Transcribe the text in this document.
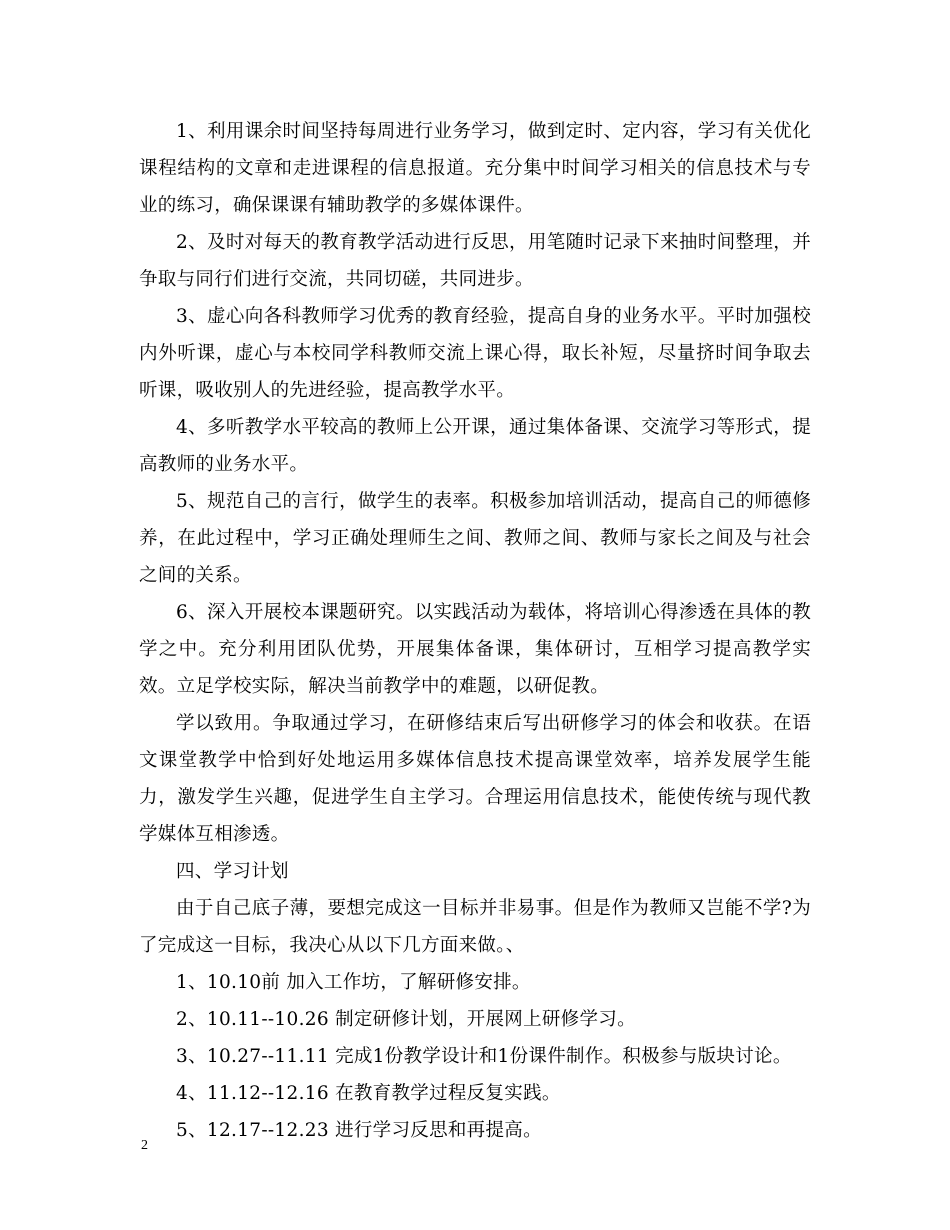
1、利用课余时间坚持每周进行业务学习，做到定时、定内容，学习有关优化课程结构的文章和走进课程的信息报道。充分集中时间学习相关的信息技术与专业的练习，确保课课有辅助教学的多媒体课件。

2、及时对每天的教育教学活动进行反思，用笔随时记录下来抽时间整理，并争取与同行们进行交流，共同切磋，共同进步。

3、虚心向各科教师学习优秀的教育经验，提高自身的业务水平。平时加强校内外听课，虚心与本校同学科教师交流上课心得，取长补短，尽量挤时间争取去听课，吸收别人的先进经验，提高教学水平。

4、多听教学水平较高的教师上公开课，通过集体备课、交流学习等形式，提高教师的业务水平。

5、规范自己的言行，做学生的表率。积极参加培训活动，提高自己的师德修养，在此过程中，学习正确处理师生之间、教师之间、教师与家长之间及与社会之间的关系。

6、深入开展校本课题研究。以实践活动为载体，将培训心得渗透在具体的教学之中。充分利用团队优势，开展集体备课，集体研讨，互相学习提高教学实效。立足学校实际，解决当前教学中的难题，以研促教。

学以致用。争取通过学习，在研修结束后写出研修学习的体会和收获。在语文课堂教学中恰到好处地运用多媒体信息技术提高课堂效率，培养发展学生能力，激发学生兴趣，促进学生自主学习。合理运用信息技术，能使传统与现代教学媒体互相渗透。

四、学习计划

由于自己底子薄，要想完成这一目标并非易事。但是作为教师又岂能不学?为了完成这一目标，我决心从以下几方面来做。、

1、10.10前 加入工作坊，了解研修安排。

2、10.11--10.26 制定研修计划，开展网上研修学习。

3、10.27--11.11 完成1份教学设计和1份课件制作。积极参与版块讨论。

4、11.12--12.16 在教育教学过程反复实践。

5、12.17--12.23 进行学习反思和再提高。

2
